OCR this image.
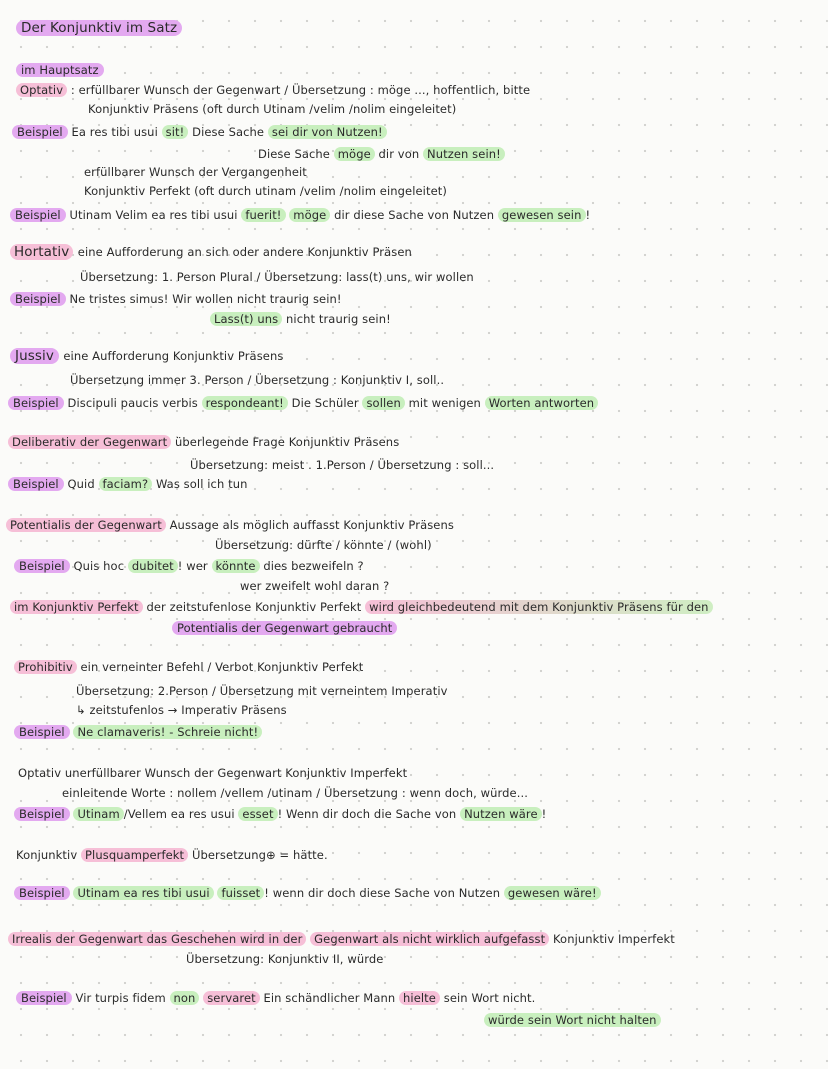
Der Konjunktiv im Satz
im Hauptsatz
Optativ : erfüllbarer Wunsch der Gegenwart / Übersetzung : möge ..., hoffentlich, bitte
Konjunktiv Präsens (oft durch Utinam /velim /nolim eingeleitet)
Beispiel Ea res tibi usui sit! Diese Sache sei dir von Nutzen!
Diese Sache möge dir von Nutzen sein!
erfüllbarer Wunsch der Vergangenheit
Konjunktiv Perfekt (oft durch utinam /velim /nolim eingeleitet)
Beispiel Utinam Velim ea res tibi usui fuerit! möge dir diese Sache von Nutzen gewesen sein !
Hortativ eine Aufforderung an sich oder andere Konjunktiv Präsen
Übersetzung: 1. Person Plural / Übersetzung: lass(t) uns, wir wollen
Beispiel Ne tristes simus! Wir wollen nicht traurig sein!
Lass(t) uns nicht traurig sein!
Jussiv eine Aufforderung Konjunktiv Präsens
Übersetzung immer 3. Person / Übersetzung : Konjunktiv I, soll..
Beispiel Discipuli paucis verbis respondeant! Die Schüler sollen mit wenigen Worten antworten
Deliberativ der Gegenwart überlegende Frage Konjunktiv Präsens
Übersetzung: meist . 1.Person / Übersetzung : soll...
Beispiel Quid faciam? Was soll ich tun
Potentialis der Gegenwart Aussage als möglich auffasst Konjunktiv Präsens
Übersetzung: dürfte / könnte / (wohl)
Beispiel Quis hoc dubitet ! wer könnte dies bezweifeln ?
wer zweifelt wohl daran ?
im Konjunktiv Perfekt der zeitstufenlose Konjunktiv Perfekt wird gleichbedeutend mit dem Konjunktiv Präsens für den
Potentialis der Gegenwart gebraucht
Prohibitiv ein verneinter Befehl / Verbot Konjunktiv Perfekt
Übersetzung: 2.Person / Übersetzung mit verneintem Imperativ
↳ zeitstufenlos → Imperativ Präsens
Beispiel Ne clamaveris! - Schreie nicht!
Optativ unerfüllbarer Wunsch der Gegenwart Konjunktiv Imperfekt
einleitende Worte : nollem /vellem /utinam / Übersetzung : wenn doch, würde...
Beispiel Utinam /Vellem ea res usui esset ! Wenn dir doch die Sache von Nutzen wäre !
Konjunktiv Plusquamperfekt Übersetzung⊕ = hätte.
Beispiel Utinam ea res tibi usui fuisset ! wenn dir doch diese Sache von Nutzen gewesen wäre!
Irrealis der Gegenwart das Geschehen wird in der Gegenwart als nicht wirklich aufgefasst Konjunktiv Imperfekt
Übersetzung: Konjunktiv II, würde
Beispiel Vir turpis fidem non servaret Ein schändlicher Mann hielte sein Wort nicht.
würde sein Wort nicht halten
